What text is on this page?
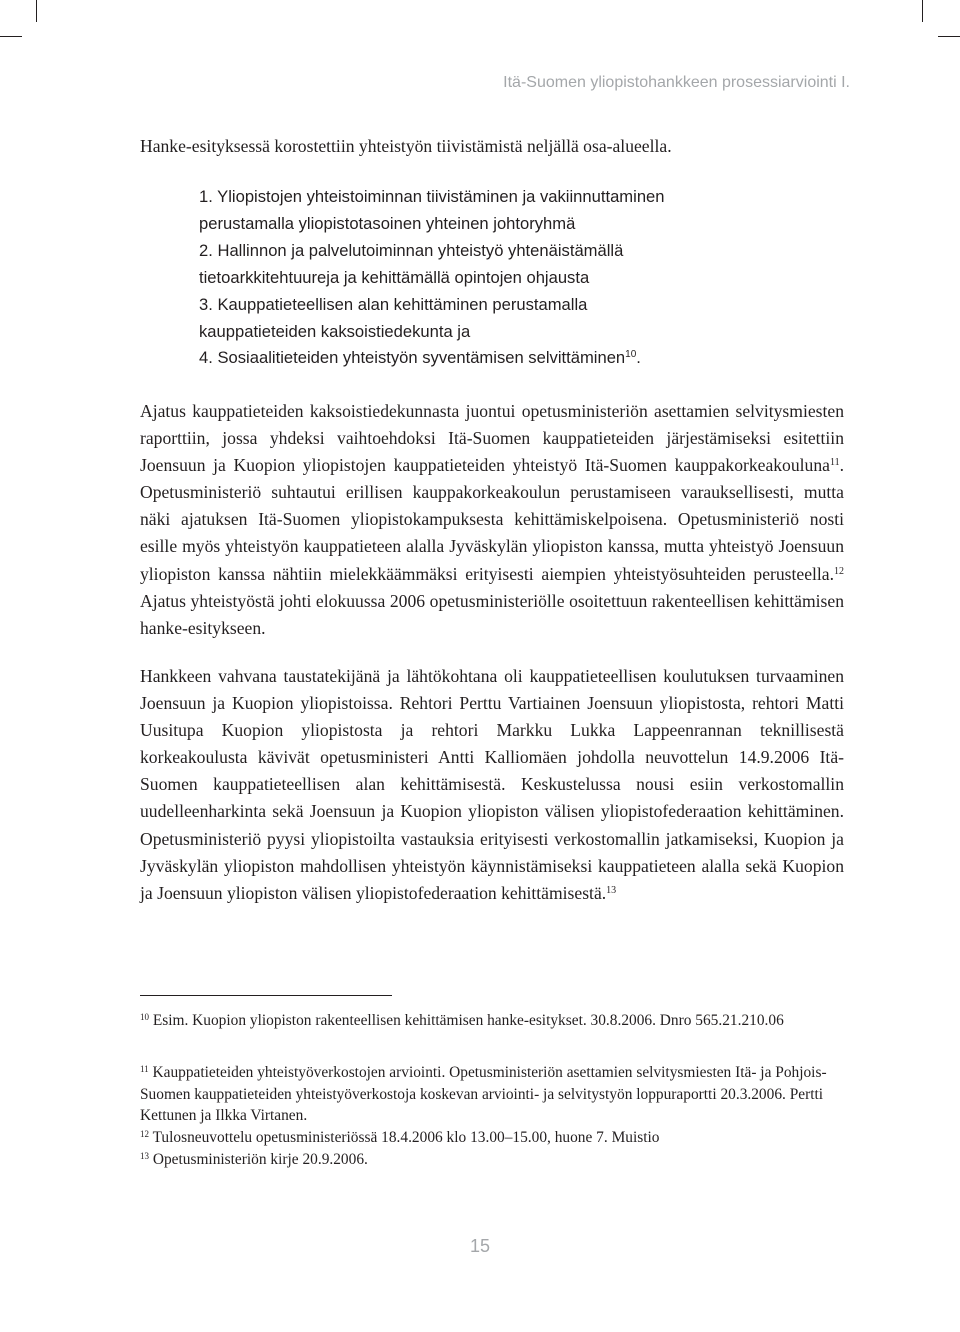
Itä-Suomen yliopistohankkeen prosessiarviointi I.

Hanke-esityksessä korostettiin yhteistyön tiivistämistä neljällä osa-alueella.

1. Yliopistojen yhteistoiminnan tiivistäminen ja vakiinnuttaminen
perustamalla yliopistotasoinen yhteinen johtoryhmä
2. Hallinnon ja palvelutoiminnan yhteistyö yhtenäistämällä
tietoarkkitehtuureja ja kehittämällä opintojen ohjausta
3. Kauppatieteellisen alan kehittäminen perustamalla
kauppatieteiden kaksoistiedekunta ja
4. Sosiaalitieteiden yhteistyön syventämisen selvittäminen$^{10}$.

Ajatus kauppatieteiden kaksoistiedekunnasta juontui opetusministeriön asettamien selvitysmiesten raporttiin, jossa yhdeksi vaihtoehdoksi Itä-Suomen kauppatieteiden järjestämiseksi esitettiin Joensuun ja Kuopion yliopistojen kauppatieteiden yhteistyö Itä-Suomen kauppakorkeakouluna$^{11}$. Opetusministeriö suhtautui erillisen kauppakorkeakoulun perustamiseen varauksellisesti, mutta näki ajatuksen Itä-Suomen yliopistokampuksesta kehittämiskelpoisena. Opetusministeriö nosti esille myös yhteistyön kauppatieteen alalla Jyväskylän yliopiston kanssa, mutta yhteistyö Joensuun yliopiston kanssa nähtiin mielekkäämmäksi erityisesti aiempien yhteistyösuhteiden perusteella.$^{12}$ Ajatus yhteistyöstä johti elokuussa 2006 opetusministeriölle osoitettuun rakenteellisen kehittämisen hanke-esitykseen.

Hankkeen vahvana taustatekijänä ja lähtökohtana oli kauppatieteellisen koulutuksen turvaaminen Joensuun ja Kuopion yliopistoissa. Rehtori Perttu Vartiainen Joensuun yliopistosta, rehtori Matti Uusitupa Kuopion yliopistosta ja rehtori Markku Lukka Lappeenrannan teknillisestä korkeakoulusta kävivät opetusministeri Antti Kalliomäen johdolla neuvottelun 14.9.2006 Itä-Suomen kauppatieteellisen alan kehittämisestä. Keskustelussa nousi esiin verkostomallin uudelleenharkinta sekä Joensuun ja Kuopion yliopiston välisen yliopistofederaation kehittäminen. Opetusministeriö pyysi yliopistoilta vastauksia erityisesti verkostomallin jatkamiseksi, Kuopion ja Jyväskylän yliopiston mahdollisen yhteistyön käynnistämiseksi kauppatieteen alalla sekä Kuopion ja Joensuun yliopiston välisen yliopistofederaation kehittämisestä.$^{13}$

$^{10}$ Esim. Kuopion yliopiston rakenteellisen kehittämisen hanke-esitykset. 30.8.2006. Dnro 565.21.210.06

$^{11}$ Kauppatieteiden yhteistyöverkostojen arviointi. Opetusministeriön asettamien selvitysmiesten Itä- ja Pohjois-Suomen kauppatieteiden yhteistyöverkostoja koskevan arviointi- ja selvitystyön loppuraportti 20.3.2006. Pertti Kettunen ja Ilkka Virtanen.

$^{12}$ Tulosneuvottelu opetusministeriössä 18.4.2006 klo 13.00–15.00, huone 7. Muistio

$^{13}$ Opetusministeriön kirje 20.9.2006.

15
